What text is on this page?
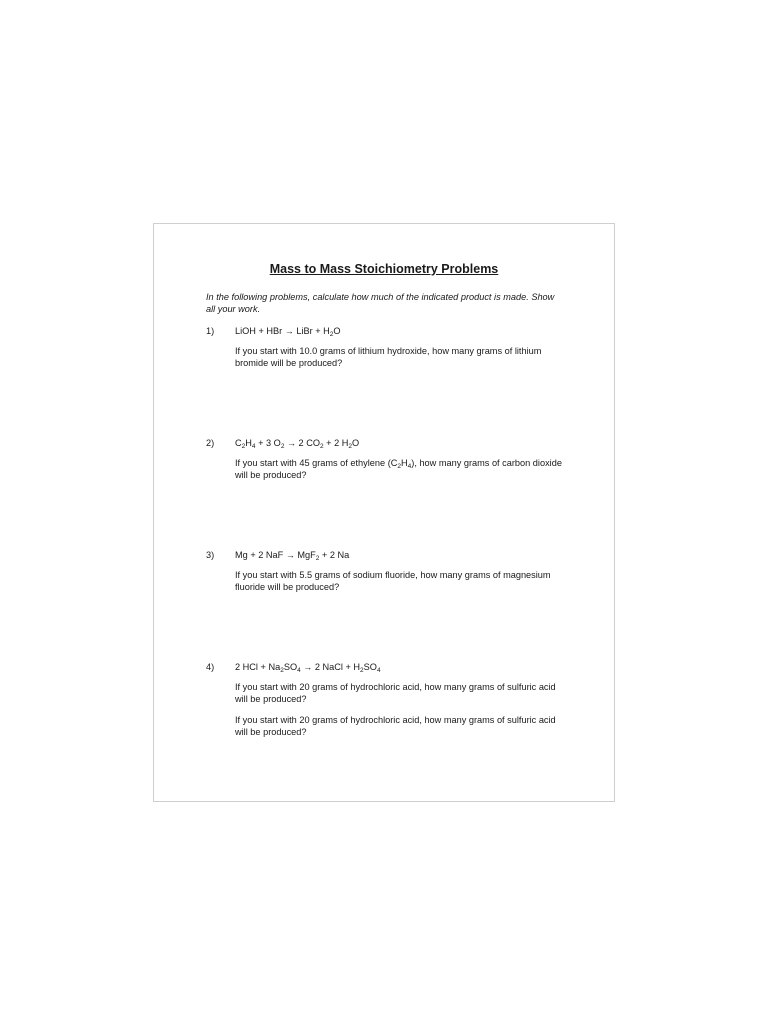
Mass to Mass Stoichiometry Problems
In the following problems, calculate how much of the indicated product is made. Show all your work.
1) LiOH + HBr → LiBr + $H_2O$
If you start with 10.0 grams of lithium hydroxide, how many grams of lithium bromide will be produced?
2) $C_2H_4 + 3$ $O_2 \to 2$ $CO_2 + 2$ $H_2O$
If you start with 45 grams of ethylene $(C_2H_4)$, how many grams of carbon dioxide will be produced?
3) Mg + 2 NaF → MgF$_2$ + 2 Na
If you start with 5.5 grams of sodium fluoride, how many grams of magnesium fluoride will be produced?
4) 2 HCl + $Na_2SO_4 \to 2$ NaCl + $H_2SO_4$
If you start with 20 grams of hydrochloric acid, how many grams of sulfuric acid will be produced?
If you start with 20 grams of hydrochloric acid, how many grams of sulfuric acid will be produced?
